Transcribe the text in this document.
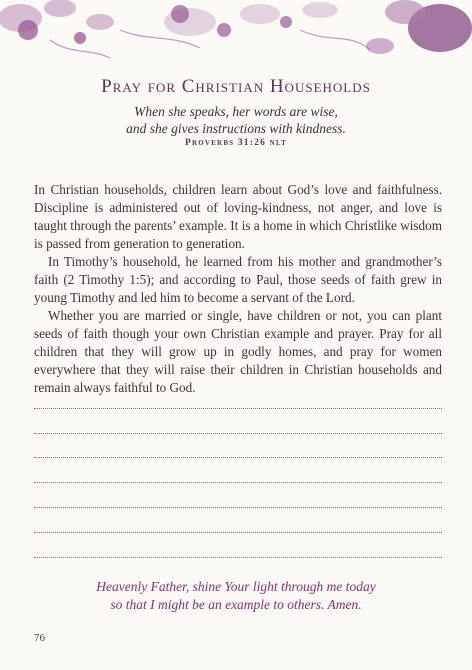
Pray for Christian Households
When she speaks, her words are wise,
and she gives instructions with kindness.
Proverbs 31:26 nlt

In Christian households, children learn about God’s love and faithfulness. Discipline is administered out of loving-kindness, not anger, and love is taught through the parents’ example. It is a home in which Christlike wisdom is passed from generation to generation.

In Timothy’s household, he learned from his mother and grandmother’s faith (2 Timothy 1:5); and according to Paul, those seeds of faith grew in young Timothy and led him to become a servant of the Lord.

Whether you are married or single, have children or not, you can plant seeds of faith though your own Christian example and prayer. Pray for all children that they will grow up in godly homes, and pray for women everywhere that they will raise their children in Christian households and remain always faithful to God.

Heavenly Father, shine Your light through me today
so that I might be an example to others. Amen.
76
